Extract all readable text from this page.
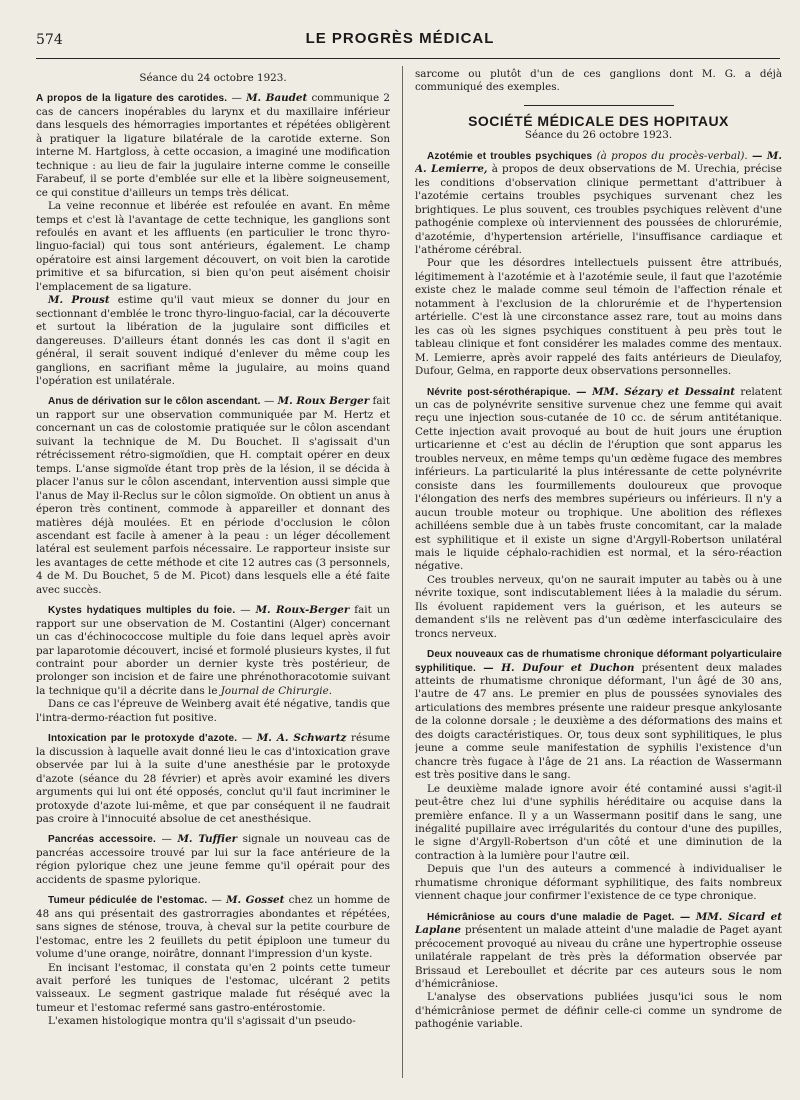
574	LE PROGRÈS MÉDICAL
Séance du 24 octobre 1923.

A propos de la ligature des carotides. — M. Baudet communique 2 cas de cancers inopérables du larynx et du maxillaire inférieur dans lesquels des hémorragies importantes et répétées obligèrent à pratiquer la ligature bilatérale de la carotide externe. Son interne M. Hartgloss, à cette occasion, a imaginé une modification technique : au lieu de fair la jugulaire interne comme le conseille Farabeuf, il se porte d'emblée sur elle et la libère soigneusement, ce qui constitue d'ailleurs un temps très délicat.

La veine reconnue et libérée est refoulée en avant. En même temps et c'est là l'avantage de cette technique, les ganglions sont refoulés en avant et les affluents (en particulier le tronc thyro-linguo-facial) qui tous sont antérieurs, également. Le champ opératoire est ainsi largement découvert, on voit bien la carotide primitive et sa bifurcation, si bien qu'on peut aisément choisir l'emplacement de sa ligature.

M. Proust estime qu'il vaut mieux se donner du jour en sectionnant d'emblée le tronc thyro-linguo-facial, car la découverte et surtout la libération de la jugulaire sont difficiles et dangereuses. D'ailleurs étant donnés les cas dont il s'agit en général, il serait souvent indiqué d'enlever du même coup les ganglions, en sacrifiant même la jugulaire, au moins quand l'opération est unilatérale.

Anus de dérivation sur le côlon ascendant. — M. Roux Berger fait un rapport sur une observation communiquée par M. Hertz et concernant un cas de colostomie pratiquée sur le côlon ascendant suivant la technique de M. Du Bouchet. Il s'agissait d'un rétrécissement rétro-sigmoïdien, que H. comptait opérer en deux temps. L'anse sigmoïde étant trop près de la lésion, il se décida à placer l'anus sur le côlon ascendant, intervention aussi simple que l'anus de May il-Reclus sur le côlon sigmoïde. On obtient un anus à éperon très continent, commode à appareiller et donnant des matières déjà moulées. Et en période d'occlusion le côlon ascendant est facile à amener à la peau : un léger décollement latéral est seulement parfois nécessaire. Le rapporteur insiste sur les avantages de cette méthode et cite 12 autres cas (3 personnels, 4 de M. Du Bouchet, 5 de M. Picot) dans lesquels elle a été faite avec succès.

Kystes hydatiques multiples du foie. — M. Roux-Berger fait un rapport sur une observation de M. Costantini (Alger) concernant un cas d'échinococcose multiple du foie dans lequel après avoir par laparotomie découvert, incisé et formolé plusieurs kystes, il fut contraint pour aborder un dernier kyste très postérieur, de prolonger son incision et de faire une phrénothoracotomie suivant la technique qu'il a décrite dans le Journal de Chirurgie.

Dans ce cas l'épreuve de Weinberg avait été négative, tandis que l'intra-dermo-réaction fut positive.

Intoxication par le protoxyde d'azote. — M. A. Schwartz résume la discussion à laquelle avait donné lieu le cas d'intoxication grave observée par lui à la suite d'une anesthésie par le protoxyde d'azote (séance du 28 février) et après avoir examiné les divers arguments qui lui ont été opposés, conclut qu'il faut incriminer le protoxyde d'azote lui-même, et que par conséquent il ne faudrait pas croire à l'innocuité absolue de cet anesthésique.

Pancréas accessoire. — M. Tuffier signale un nouveau cas de pancréas accessoire trouvé par lui sur la face antérieure de la région pylorique chez une jeune femme qu'il opérait pour des accidents de spasme pylorique.

Tumeur pédiculée de l'estomac. — M. Gosset chez un homme de 48 ans qui présentait des gastrorragies abondantes et répétées, sans signes de sténose, trouva, à cheval sur la petite courbure de l'estomac, entre les 2 feuillets du petit épiploon une tumeur du volume d'une orange, noirâtre, donnant l'impression d'un kyste.

En incisant l'estomac, il constata qu'en 2 points cette tumeur avait perforé les tuniques de l'estomac, ulcérant 2 petits vaisseaux. Le segment gastrique malade fut réséqué avec la tumeur et l'estomac refermé sans gastro-entérostomie.

L'examen histologique montra qu'il s'agissait d'un pseudo-

sarcome ou plutôt d'un de ces ganglions dont M. G. a déjà communiqué des exemples.

SOCIÉTÉ MÉDICALE DES HOPITAUX
Séance du 26 octobre 1923.

Azotémie et troubles psychiques (à propos du procès-verbal). — M. A. Lemierre, à propos de deux observations de M. Urechia, précise les conditions d'observation clinique permettant d'attribuer à l'azotémie certains troubles psychiques survenant chez les brightiques. Le plus souvent, ces troubles psychiques relèvent d'une pathogénie complexe où interviennent des poussées de chlorurémie, d'azotémie, d'hypertension artérielle, l'insuffisance cardiaque et l'athérome cérébral.

Pour que les désordres intellectuels puissent être attribués, légitimement à l'azotémie et à l'azotémie seule, il faut que l'azotémie existe chez le malade comme seul témoin de l'affection rénale et notamment à l'exclusion de la chlorurémie et de l'hypertension artérielle. C'est là une circonstance assez rare, tout au moins dans les cas où les signes psychiques constituent à peu près tout le tableau clinique et font considérer les malades comme des mentaux. M. Lemierre, après avoir rappelé des faits antérieurs de Dieulafoy, Dufour, Gelma, en rapporte deux observations personnelles.

Névrite post-sérothérapique. — MM. Sézary et Dessaint relatent un cas de polynévrite sensitive survenue chez une femme qui avait reçu une injection sous-cutanée de 10 cc. de sérum antitétanique. Cette injection avait provoqué au bout de huit jours une éruption urticarienne et c'est au déclin de l'éruption que sont apparus les troubles nerveux, en même temps qu'un œdème fugace des membres inférieurs. La particularité la plus intéressante de cette polynévrite consiste dans les fourmillements douloureux que provoque l'élongation des nerfs des membres supérieurs ou inférieurs. Il n'y a aucun trouble moteur ou trophique. Une abolition des réflexes achilléens semble due à un tabès fruste concomitant, car la malade est syphilitique et il existe un signe d'Argyll-Robertson unilatéral mais le liquide céphalo-rachidien est normal, et la séro-réaction négative.

Ces troubles nerveux, qu'on ne saurait imputer au tabès ou à une névrite toxique, sont indiscutablement liées à la maladie du sérum. Ils évoluent rapidement vers la guérison, et les auteurs se demandent s'ils ne relèvent pas d'un œdème interfasciculaire des troncs nerveux.

Deux nouveaux cas de rhumatisme chronique déformant polyarticulaire syphilitique. — H. Dufour et Duchon présentent deux malades atteints de rhumatisme chronique déformant, l'un âgé de 30 ans, l'autre de 47 ans. Le premier en plus de poussées synoviales des articulations des membres présente une raideur presque ankylosante de la colonne dorsale ; le deuxième a des déformations des mains et des doigts caractéristiques. Or, tous deux sont syphilitiques, le plus jeune a comme seule manifestation de syphilis l'existence d'un chancre très fugace à l'âge de 21 ans. La réaction de Wassermann est très positive dans le sang.

Le deuxième malade ignore avoir été contaminé aussi s'agit-il peut-être chez lui d'une syphilis héréditaire ou acquise dans la première enfance. Il y a un Wassermann positif dans le sang, une inégalité pupillaire avec irrégularités du contour d'une des pupilles, le signe d'Argyll-Robertson d'un côté et une diminution de la contraction à la lumière pour l'autre œil.

Depuis que l'un des auteurs a commencé à individualiser le rhumatisme chronique déformant syphilitique, des faits nombreux viennent chaque jour confirmer l'existence de ce type chronique.

Hémicrâniose au cours d'une maladie de Paget. — MM. Sicard et Laplane présentent un malade atteint d'une maladie de Paget ayant précocement provoqué au niveau du crâne une hypertrophie osseuse unilatérale rappelant de très près la déformation observée par Brissaud et Lereboullet et décrite par ces auteurs sous le nom d'hémicrâniose.

L'analyse des observations publiées jusqu'ici sous le nom d'hémicrâniose permet de définir celle-ci comme un syndrome de pathogénie variable.
